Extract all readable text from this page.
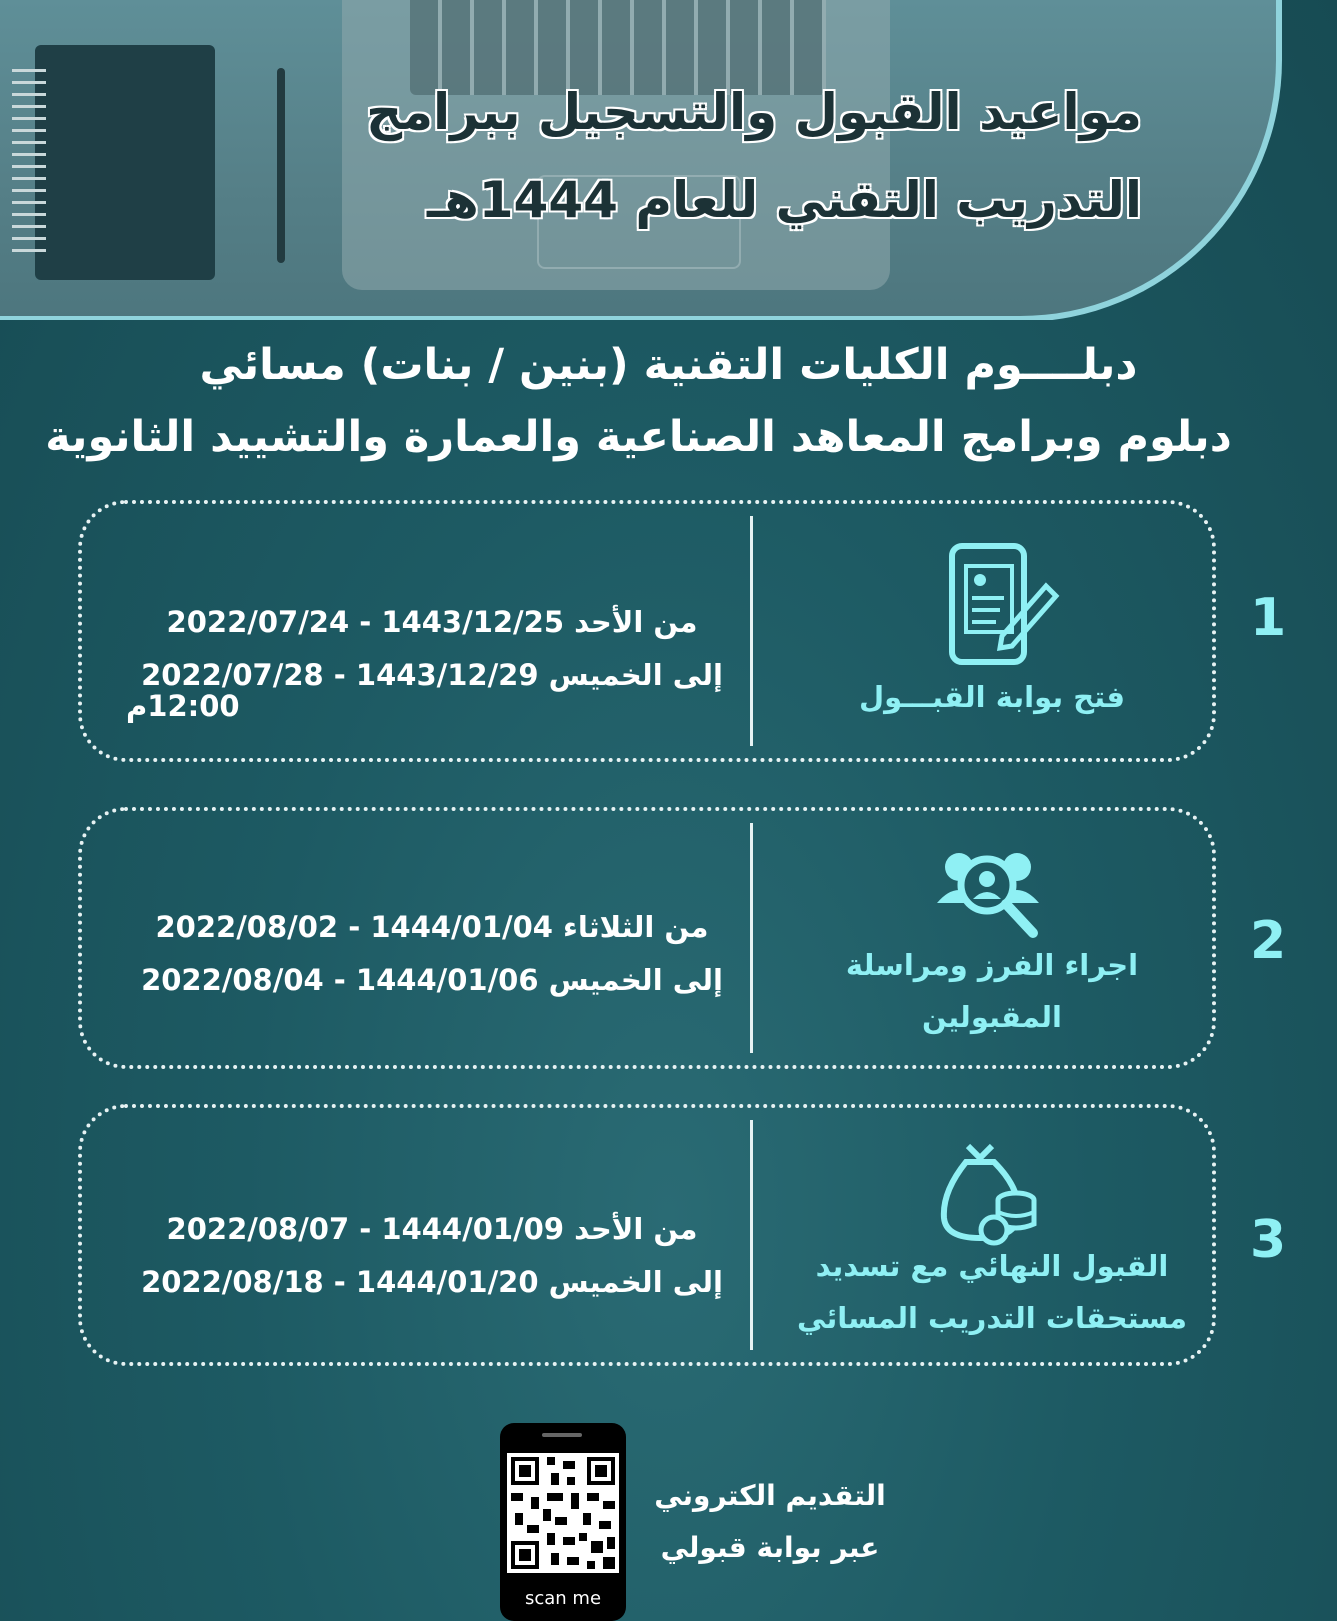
مواعيد القبول والتسجيل ببرامج
التدريب التقني للعام 1444هـ
دبلــــوم الكليات التقنية (بنين / بنات) مسائي
دبلوم وبرامج المعاهد الصناعية والعمارة والتشييد الثانوية
من الأحد 1443/12/25 - 2022/07/24
إلى الخميس 1443/12/29 - 2022/07/28
12:00م	فتح بوابة القبـــول
1
من الثلاثاء 1444/01/04 - 2022/08/02
إلى الخميس 1444/01/06 - 2022/08/04	اجراء الفرز ومراسلة
المقبولين
2
من الأحد 1444/01/09 - 2022/08/07
إلى الخميس 1444/01/20 - 2022/08/18	القبول النهائي مع تسديد
مستحقات التدريب المسائي
3
scan me
التقديم الكتروني
عبر بوابة قبولي
